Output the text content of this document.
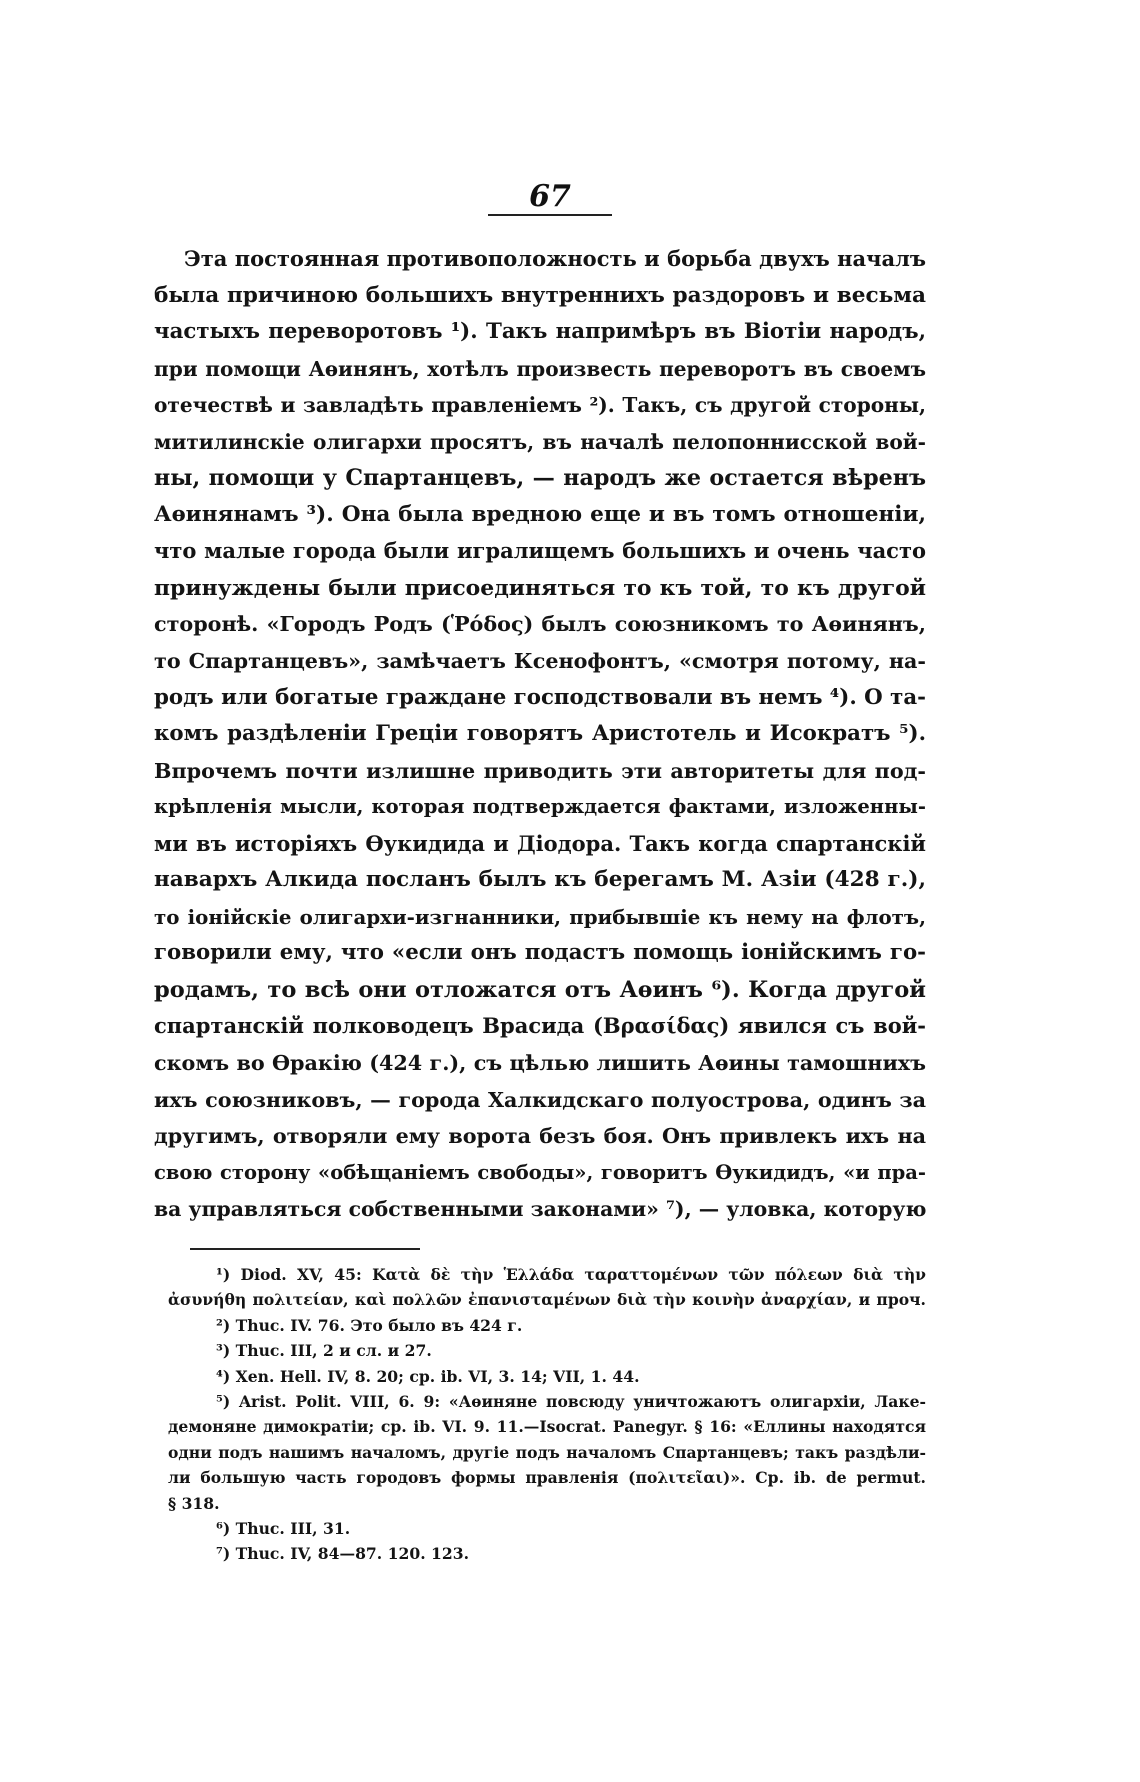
67
Эта постоянная противоположность и борьба двухъ началъ
была причиною большихъ внутреннихъ раздоровъ и весьма
частыхъ переворотовъ ¹). Такъ напримѣръ въ Віотіи народъ,
при помощи Аѳинянъ, хотѣлъ произвесть переворотъ въ своемъ
отечествѣ и завладѣть правленіемъ ²). Такъ, съ другой стороны,
митилинскіе олигархи просятъ, въ началѣ пелопоннисской вой-
ны, помощи у Спартанцевъ, — народъ же остается вѣренъ
Аѳинянамъ ³). Она была вредною еще и въ томъ отношеніи,
что малые города были игралищемъ большихъ и очень часто
принуждены были присоединяться то къ той, то къ другой
сторонѣ. «Городъ Родъ (Ῥόδος) былъ союзникомъ то Аѳинянъ,
то Спартанцевъ», замѣчаетъ Ксенофонтъ, «смотря потому, на-
родъ или богатые граждане господствовали въ немъ ⁴). О та-
комъ раздѣленіи Греціи говорятъ Аристотель и Исократъ ⁵).
Впрочемъ почти излишне приводить эти авторитеты для под-
крѣпленія мысли, которая подтверждается фактами, изложенны-
ми въ исторіяхъ Ѳукидида и Діодора. Такъ когда спартанскій
навархъ Алкида посланъ былъ къ берегамъ М. Азіи (428 г.),
то іонійскіе олигархи-изгнанники, прибывшіе къ нему на флотъ,
говорили ему, что «если онъ подастъ помощь іонійскимъ го-
родамъ, то всѣ они отложатся отъ Аѳинъ ⁶). Когда другой
спартанскій полководецъ Врасида (Βρασίδας) явился съ вой-
скомъ во Ѳракію (424 г.), съ цѣлью лишить Аѳины тамошнихъ
ихъ союзниковъ, — города Халкидскаго полуострова, одинъ за
другимъ, отворяли ему ворота безъ боя. Онъ привлекъ ихъ на
свою сторону «обѣщаніемъ свободы», говоритъ Ѳукидидъ, «и пра-
ва управляться собственными законами» ⁷), — уловка, которую
¹) Diod. XV, 45: Κατὰ δὲ τὴν Ἑλλάδα ταραττομένων τῶν πόλεων διὰ τὴν
ἀσυνήθη πολιτείαν, καὶ πολλῶν ἐπανισταμένων διὰ τὴν κοινὴν ἀναρχίαν, и проч.
²) Thuc. IV. 76. Это было въ 424 г.
³) Thuc. III, 2 и сл. и 27.
⁴) Xen. Hell. IV, 8. 20; cp. ib. VI, 3. 14; VII, 1. 44.
⁵) Arist. Polit. VIII, 6. 9: «Аѳиняне повсюду уничтожаютъ олигархіи, Лаке-
демоняне димократіи; cp. ib. VI. 9. 11.—Isocrat. Panegyr. § 16: «Еллины находятся
одни подъ нашимъ началомъ, другіе подъ началомъ Спартанцевъ; такъ раздѣли-
ли большую часть городовъ формы правленія (πολιτεῖαι)». Cp. ib. de permut.
§ 318.
⁶) Thuc. III, 31.
⁷) Thuc. IV, 84—87. 120. 123.
